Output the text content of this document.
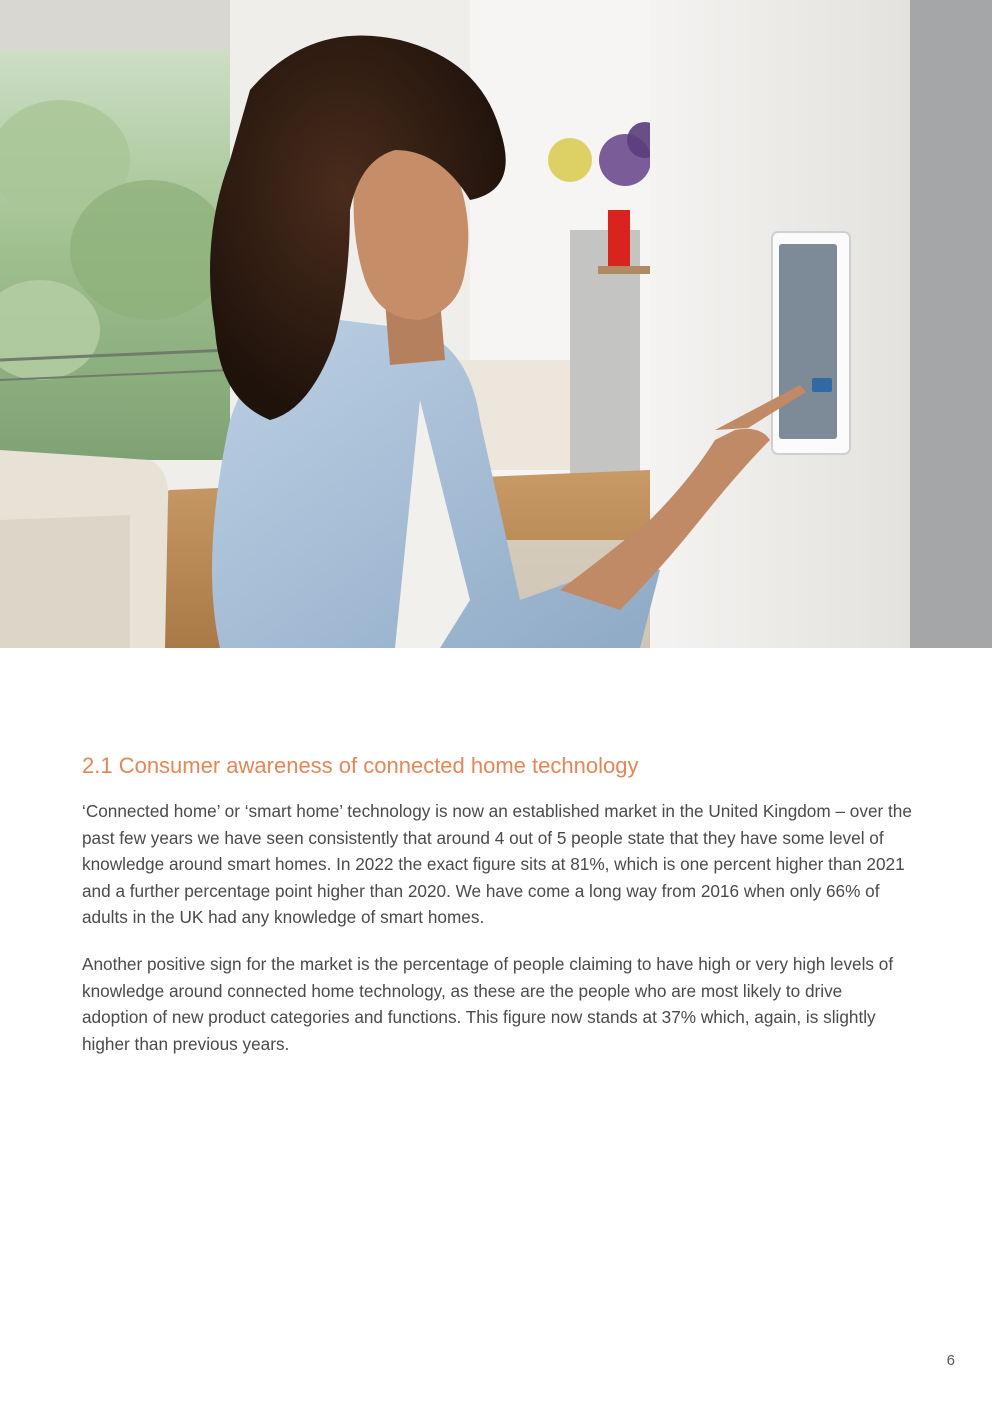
2.1 Consumer awareness of connected home technology

‘Connected home’ or ‘smart home’ technology is now an established market in the United Kingdom – over the past few years we have seen consistently that around 4 out of 5 people state that they have some level of knowledge around smart homes. In 2022 the exact figure sits at 81%, which is one percent higher than 2021 and a further percentage point higher than 2020. We have come a long way from 2016 when only 66% of adults in the UK had any knowledge of smart homes.

Another positive sign for the market is the percentage of people claiming to have high or very high levels of knowledge around connected home technology, as these are the people who are most likely to drive adoption of new product categories and functions. This figure now stands at 37% which, again, is slightly higher than previous years.

6
